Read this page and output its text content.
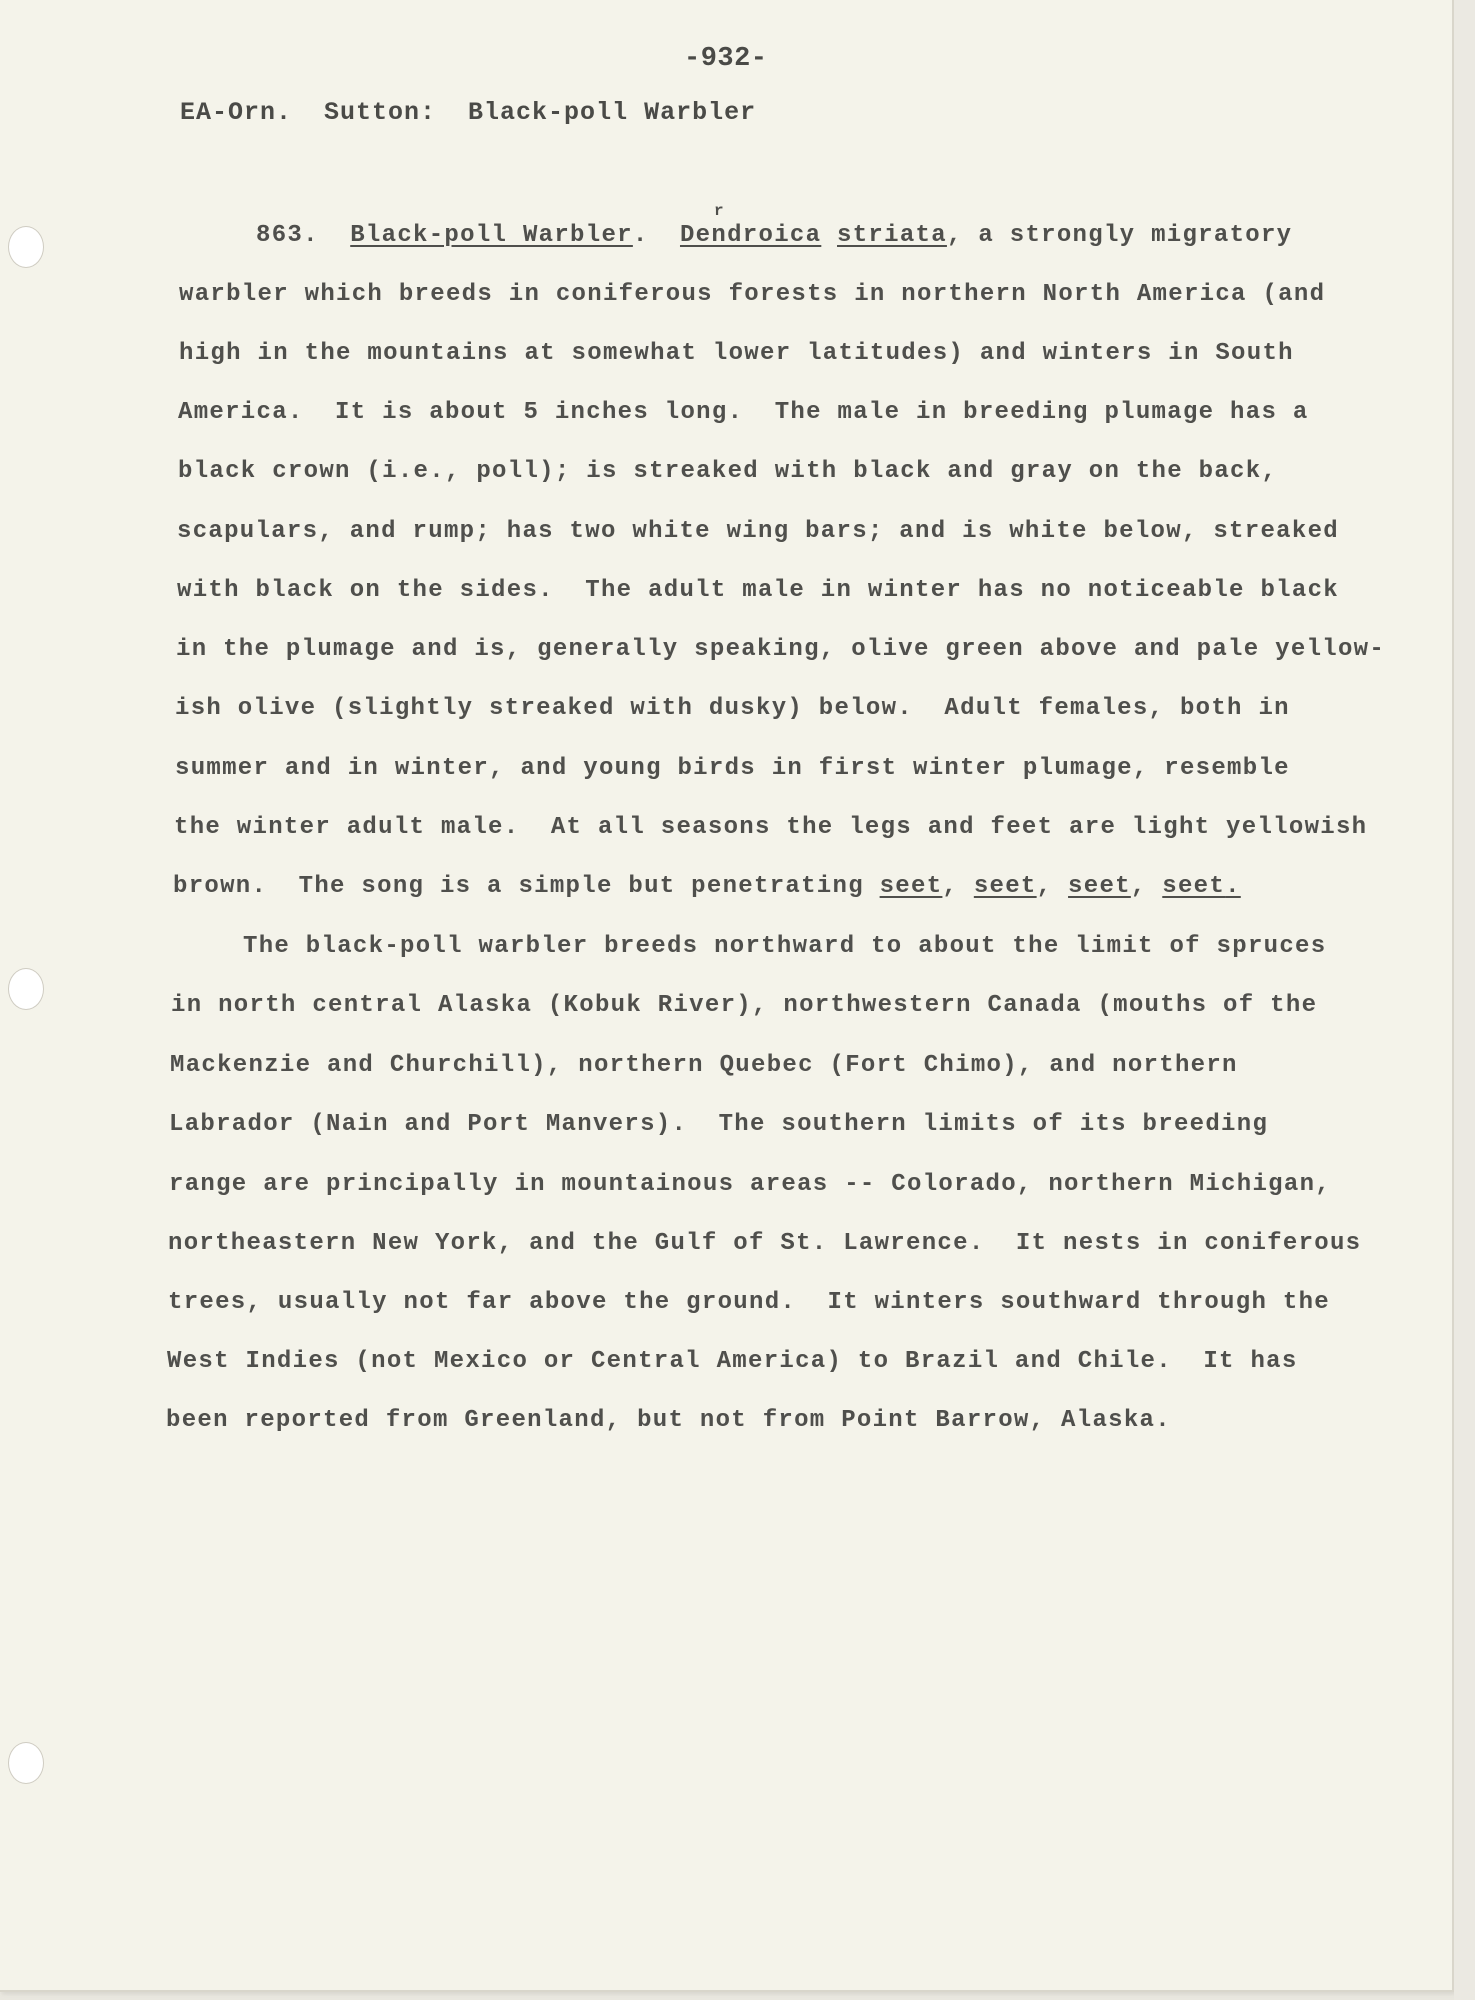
-932-
EA-Orn.  Sutton:  Black-poll Warbler
r
863. Black-poll Warbler. Dendroica striata, a strongly migratory
warbler which breeds in coniferous forests in northern North America (and
high in the mountains at somewhat lower latitudes) and winters in South
America.  It is about 5 inches long.  The male in breeding plumage has a
black crown (i.e., poll); is streaked with black and gray on the back,
scapulars, and rump; has two white wing bars; and is white below, streaked
with black on the sides.  The adult male in winter has no noticeable black
in the plumage and is, generally speaking, olive green above and pale yellow-
ish olive (slightly streaked with dusky) below.  Adult females, both in
summer and in winter, and young birds in first winter plumage, resemble
the winter adult male.  At all seasons the legs and feet are light yellowish
brown.  The song is a simple but penetrating seet, seet, seet, seet.
The black-poll warbler breeds northward to about the limit of spruces
in north central Alaska (Kobuk River), northwestern Canada (mouths of the
Mackenzie and Churchill), northern Quebec (Fort Chimo), and northern
Labrador (Nain and Port Manvers).  The southern limits of its breeding
range are principally in mountainous areas -- Colorado, northern Michigan,
northeastern New York, and the Gulf of St. Lawrence.  It nests in coniferous
trees, usually not far above the ground.  It winters southward through the
West Indies (not Mexico or Central America) to Brazil and Chile.  It has
been reported from Greenland, but not from Point Barrow, Alaska.
